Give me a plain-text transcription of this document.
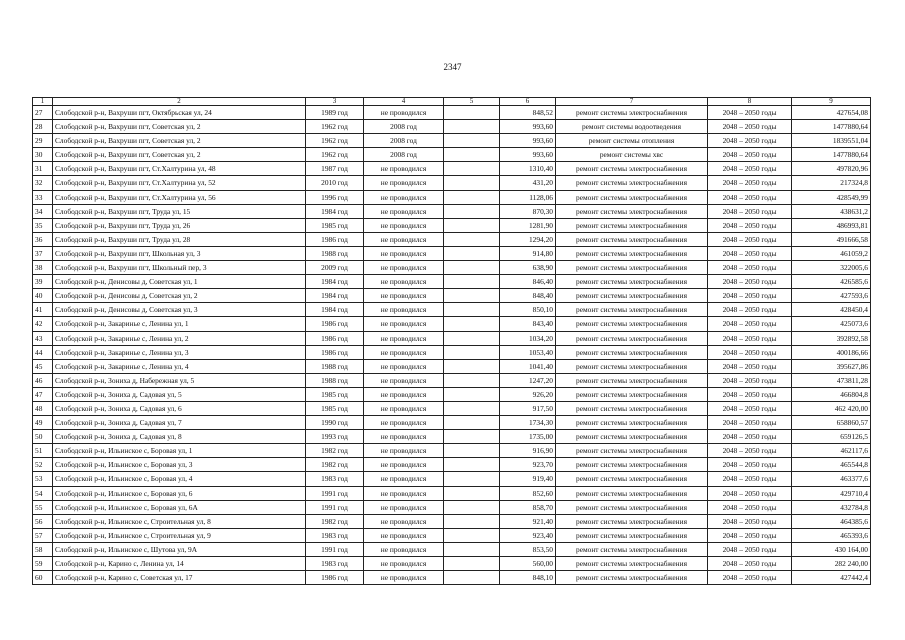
2347
1	2	3	4	5	6	7	8	9
27	Слободской р-н, Вахруши пгт, Октябрьская ул, 24	1989 год	не проводился		848,52	ремонт системы электроснабжения	2048 – 2050 годы	427654,08
28	Слободской р-н, Вахруши пгт, Советская ул, 2	1962 год	2008 год		993,60	ремонт системы водоотведения	2048 – 2050 годы	1477880,64
29	Слободской р-н, Вахруши пгт, Советская ул, 2	1962 год	2008 год		993,60	ремонт системы отопления	2048 – 2050 годы	1839551,04
30	Слободской р-н, Вахруши пгт, Советская ул, 2	1962 год	2008 год		993,60	ремонт системы хвс	2048 – 2050 годы	1477880,64
31	Слободской р-н, Вахруши пгт, Ст.Халтурина ул, 48	1987 год	не проводился		1310,40	ремонт системы электроснабжения	2048 – 2050 годы	497820,96
32	Слободской р-н, Вахруши пгт, Ст.Халтурина ул, 52	2010 год	не проводился		431,20	ремонт системы электроснабжения	2048 – 2050 годы	217324,8
33	Слободской р-н, Вахруши пгт, Ст.Халтурина ул, 56	1996 год	не проводился		1128,06	ремонт системы электроснабжения	2048 – 2050 годы	428549,99
34	Слободской р-н, Вахруши пгт, Труда ул, 15	1984 год	не проводился		870,30	ремонт системы электроснабжения	2048 – 2050 годы	438631,2
35	Слободской р-н, Вахруши пгт, Труда ул, 26	1985 год	не проводился		1281,90	ремонт системы электроснабжения	2048 – 2050 годы	486993,81
36	Слободской р-н, Вахруши пгт, Труда ул, 28	1986 год	не проводился		1294,20	ремонт системы электроснабжения	2048 – 2050 годы	491666,58
37	Слободской р-н, Вахруши пгт, Школьная ул, 3	1988 год	не проводился		914,80	ремонт системы электроснабжения	2048 – 2050 годы	461059,2
38	Слободской р-н, Вахруши пгт, Школьный пер, 3	2009 год	не проводился		638,90	ремонт системы электроснабжения	2048 – 2050 годы	322005,6
39	Слободской р-н, Денисовы д, Советская ул, 1	1984 год	не проводился		846,40	ремонт системы электроснабжения	2048 – 2050 годы	426585,6
40	Слободской р-н, Денисовы д, Советская ул, 2	1984 год	не проводился		848,40	ремонт системы электроснабжения	2048 – 2050 годы	427593,6
41	Слободской р-н, Денисовы д, Советская ул, 3	1984 год	не проводился		850,10	ремонт системы электроснабжения	2048 – 2050 годы	428450,4
42	Слободской р-н, Закаринье с, Ленина ул, 1	1986 год	не проводился		843,40	ремонт системы электроснабжения	2048 – 2050 годы	425073,6
43	Слободской р-н, Закаринье с, Ленина ул, 2	1986 год	не проводился		1034,20	ремонт системы электроснабжения	2048 – 2050 годы	392892,58
44	Слободской р-н, Закаринье с, Ленина ул, 3	1986 год	не проводился		1053,40	ремонт системы электроснабжения	2048 – 2050 годы	400186,66
45	Слободской р-н, Закаринье с, Ленина ул, 4	1988 год	не проводился		1041,40	ремонт системы электроснабжения	2048 – 2050 годы	395627,86
46	Слободской р-н, Зониха д, Набережная ул, 5	1988 год	не проводился		1247,20	ремонт системы электроснабжения	2048 – 2050 годы	473811,28
47	Слободской р-н, Зониха д, Садовая ул, 5	1985 год	не проводился		926,20	ремонт системы электроснабжения	2048 – 2050 годы	466804,8
48	Слободской р-н, Зониха д, Садовая ул, 6	1985 год	не проводился		917,50	ремонт системы электроснабжения	2048 – 2050 годы	462 420,00
49	Слободской р-н, Зониха д, Садовая ул, 7	1990 год	не проводился		1734,30	ремонт системы электроснабжения	2048 – 2050 годы	658860,57
50	Слободской р-н, Зониха д, Садовая ул, 8	1993 год	не проводился		1735,00	ремонт системы электроснабжения	2048 – 2050 годы	659126,5
51	Слободской р-н, Ильинское с, Боровая ул, 1	1982 год	не проводился		916,90	ремонт системы электроснабжения	2048 – 2050 годы	462117,6
52	Слободской р-н, Ильинское с, Боровая ул, 3	1982 год	не проводился		923,70	ремонт системы электроснабжения	2048 – 2050 годы	465544,8
53	Слободской р-н, Ильинское с, Боровая ул, 4	1983 год	не проводился		919,40	ремонт системы электроснабжения	2048 – 2050 годы	463377,6
54	Слободской р-н, Ильинское с, Боровая ул, 6	1991 год	не проводился		852,60	ремонт системы электроснабжения	2048 – 2050 годы	429710,4
55	Слободской р-н, Ильинское с, Боровая ул, 6А	1991 год	не проводился		858,70	ремонт системы электроснабжения	2048 – 2050 годы	432784,8
56	Слободской р-н, Ильинское с, Строительная ул, 8	1982 год	не проводился		921,40	ремонт системы электроснабжения	2048 – 2050 годы	464385,6
57	Слободской р-н, Ильинское с, Строительная ул, 9	1983 год	не проводился		923,40	ремонт системы электроснабжения	2048 – 2050 годы	465393,6
58	Слободской р-н, Ильинское с, Шутова ул, 9А	1991 год	не проводился		853,50	ремонт системы электроснабжения	2048 – 2050 годы	430 164,00
59	Слободской р-н, Карино с, Ленина ул, 14	1983 год	не проводился		560,00	ремонт системы электроснабжения	2048 – 2050 годы	282 240,00
60	Слободской р-н, Карино с, Советская ул, 17	1986 год	не проводился		848,10	ремонт системы электроснабжения	2048 – 2050 годы	427442,4
